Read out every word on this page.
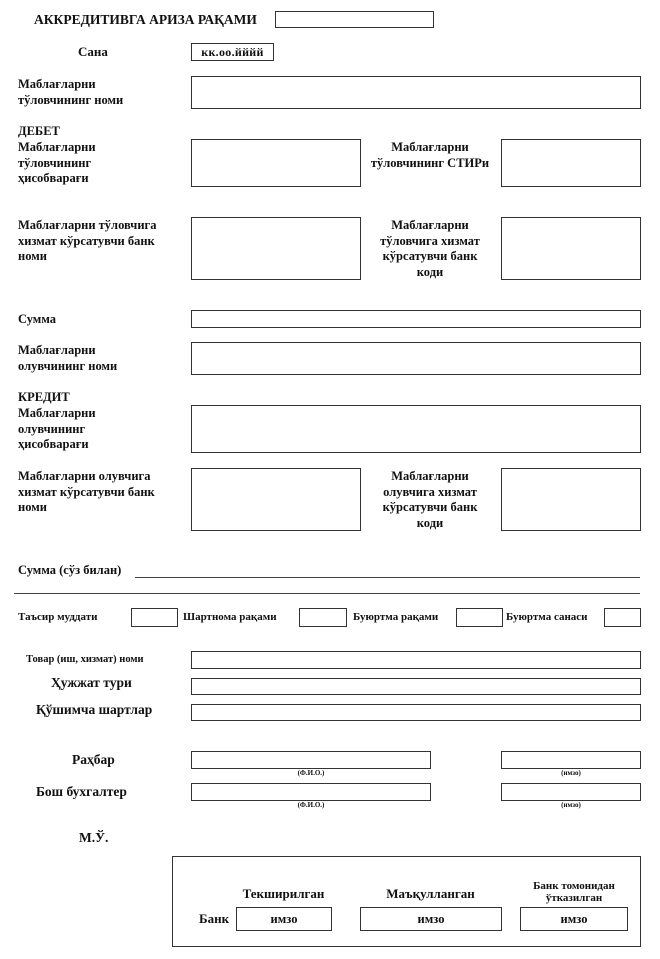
АККРЕДИТИВГА АРИЗА РАҚАМИ
Сана	кк.оо.йййй
Маблағларни
тўловчининг номи
ДЕБЕТ
Маблағларни
тўловчининг
ҳисобварағи
Маблағларни
тўловчининг СТИРи
Маблағларни тўловчига
хизмат кўрсатувчи банк
номи
Маблағларни
тўловчига хизмат
кўрсатувчи банк
коди
Сумма
Маблағларни
олувчининг номи
КРЕДИТ
Маблағларни
олувчининг
ҳисобварағи
Маблағларни олувчига
хизмат кўрсатувчи банк
номи
Маблағларни
олувчига хизмат
кўрсатувчи банк
коди
Сумма (сўз билан)
Таъсир муддати	Шартнома рақами	Буюртма рақами	Буюртма санаси
Товар (иш, хизмат) номи
Ҳужжат тури
Қўшимча шартлар
Раҳбар
(Ф.И.О.)	(имзо)
Бош бухгалтер
(Ф.И.О.)	(имзо)
М.Ў.
Текширилган	Маъқулланган	Банк томонидан
ўтказилган
Банк	имзо	имзо	имзо
